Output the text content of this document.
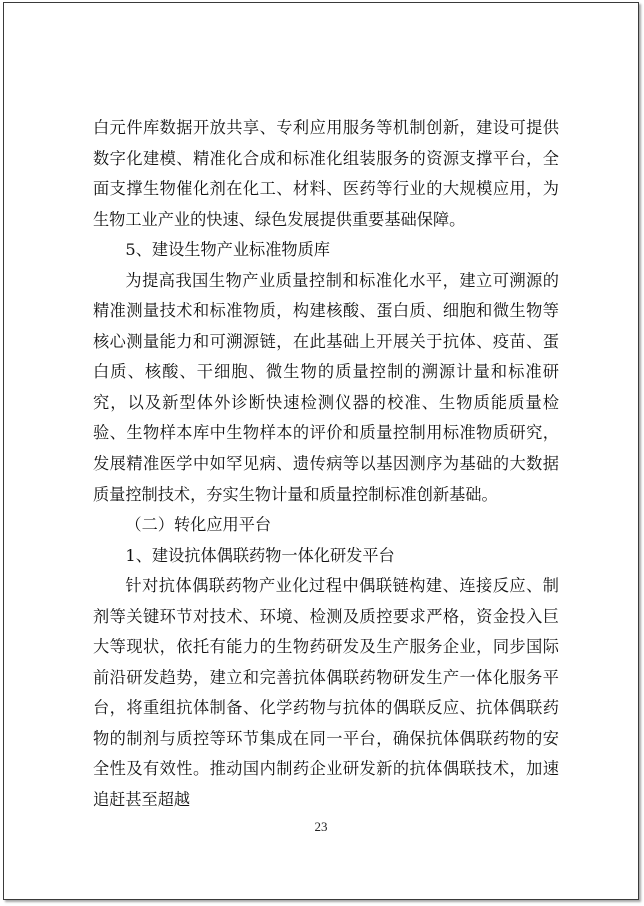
白元件库数据开放共享、专利应用服务等机制创新，建设可提供数字化建模、精准化合成和标准化组装服务的资源支撑平台，全面支撑生物催化剂在化工、材料、医药等行业的大规模应用，为生物工业产业的快速、绿色发展提供重要基础保障。

5、建设生物产业标准物质库

为提高我国生物产业质量控制和标准化水平，建立可溯源的精准测量技术和标准物质，构建核酸、蛋白质、细胞和微生物等核心测量能力和可溯源链，在此基础上开展关于抗体、疫苗、蛋白质、核酸、干细胞、微生物的质量控制的溯源计量和标准研究，以及新型体外诊断快速检测仪器的校准、生物质能质量检验、生物样本库中生物样本的评价和质量控制用标准物质研究，发展精准医学中如罕见病、遗传病等以基因测序为基础的大数据质量控制技术，夯实生物计量和质量控制标准创新基础。

（二）转化应用平台

1、建设抗体偶联药物一体化研发平台

针对抗体偶联药物产业化过程中偶联链构建、连接反应、制剂等关键环节对技术、环境、检测及质控要求严格，资金投入巨大等现状，依托有能力的生物药研发及生产服务企业，同步国际前沿研发趋势，建立和完善抗体偶联药物研发生产一体化服务平台，将重组抗体制备、化学药物与抗体的偶联反应、抗体偶联药物的制剂与质控等环节集成在同一平台，确保抗体偶联药物的安全性及有效性。推动国内制药企业研发新的抗体偶联技术，加速追赶甚至超越

23
